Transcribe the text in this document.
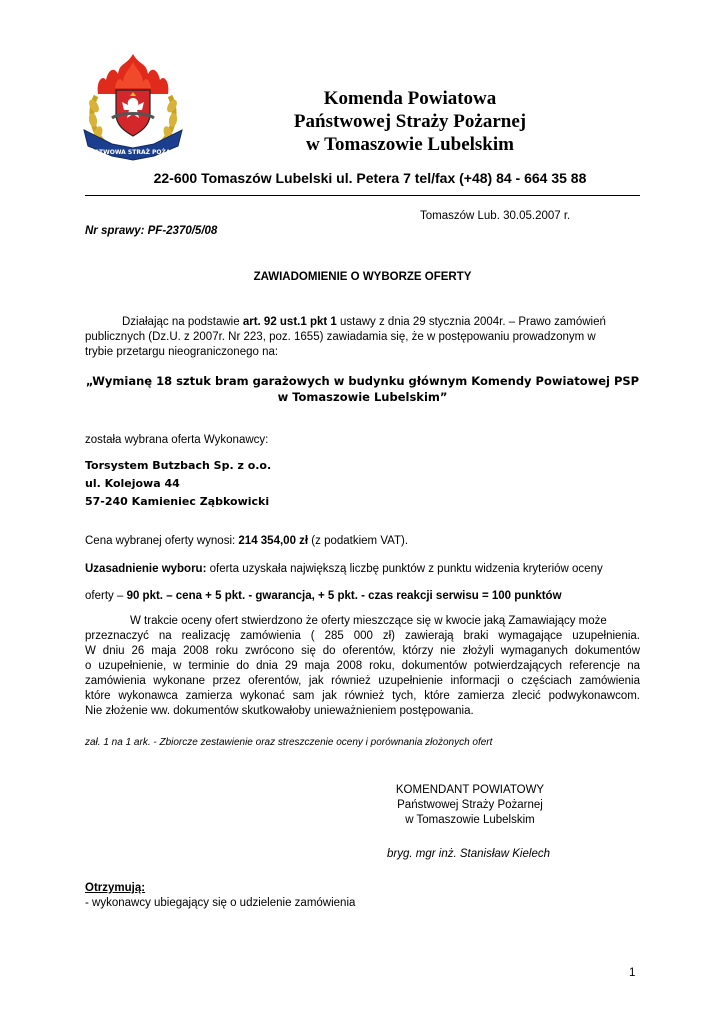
PAŃSTWOWA STRAŻ POŻARNA
Komenda Powiatowa
Państwowej Straży Pożarnej
w Tomaszowie Lubelskim
22-600 Tomaszów Lubelski ul. Petera 7 tel/fax (+48) 84 - 664 35 88
Tomaszów Lub. 30.05.2007 r.
Nr sprawy: PF-2370/5/08
ZAWIADOMIENIE O WYBORZE OFERTY
Działając na podstawie art. 92 ust.1 pkt 1 ustawy z dnia 29 stycznia 2004r. – Prawo zamówień
publicznych (Dz.U. z 2007r. Nr 223, poz. 1655) zawiadamia się, że w postępowaniu prowadzonym w
trybie przetargu nieograniczonego na:
„Wymianę 18 sztuk bram garażowych w budynku głównym Komendy Powiatowej PSP
w Tomaszowie Lubelskim”
została wybrana oferta Wykonawcy:
Torsystem Butzbach Sp. z o.o.
ul. Kolejowa 44
57-240 Kamieniec Ząbkowicki
Cena wybranej oferty wynosi: 214 354,00 zł (z podatkiem VAT).
Uzasadnienie wyboru: oferta uzyskała największą liczbę punktów z punktu widzenia kryteriów oceny
oferty – 90 pkt. – cena + 5 pkt. - gwarancja, + 5 pkt. - czas reakcji serwisu = 100 punktów
W trakcie oceny ofert stwierdzono że oferty mieszczące się w kwocie jaką Zamawiający może
przeznaczyć na realizację zamówienia ( 285 000 zł) zawierają braki wymagające uzupełnienia.
W dniu 26 maja 2008 roku zwrócono się do oferentów, którzy nie złożyli wymaganych dokumentów
o uzupełnienie, w terminie do dnia 29 maja 2008 roku, dokumentów potwierdzających referencje na
zamówienia wykonane przez oferentów, jak również uzupełnienie informacji o częściach zamówienia
które wykonawca zamierza wykonać sam jak również tych, które zamierza zlecić podwykonawcom.
Nie złożenie ww. dokumentów skutkowałoby unieważnieniem postępowania.
zał. 1 na 1 ark. - Zbiorcze zestawienie oraz streszczenie oceny i porównania złożonych ofert
KOMENDANT POWIATOWY
Państwowej Straży Pożarnej
w Tomaszowie Lubelskim
bryg. mgr inż. Stanisław Kielech
Otrzymują:
- wykonawcy ubiegający się o udzielenie zamówienia
1
